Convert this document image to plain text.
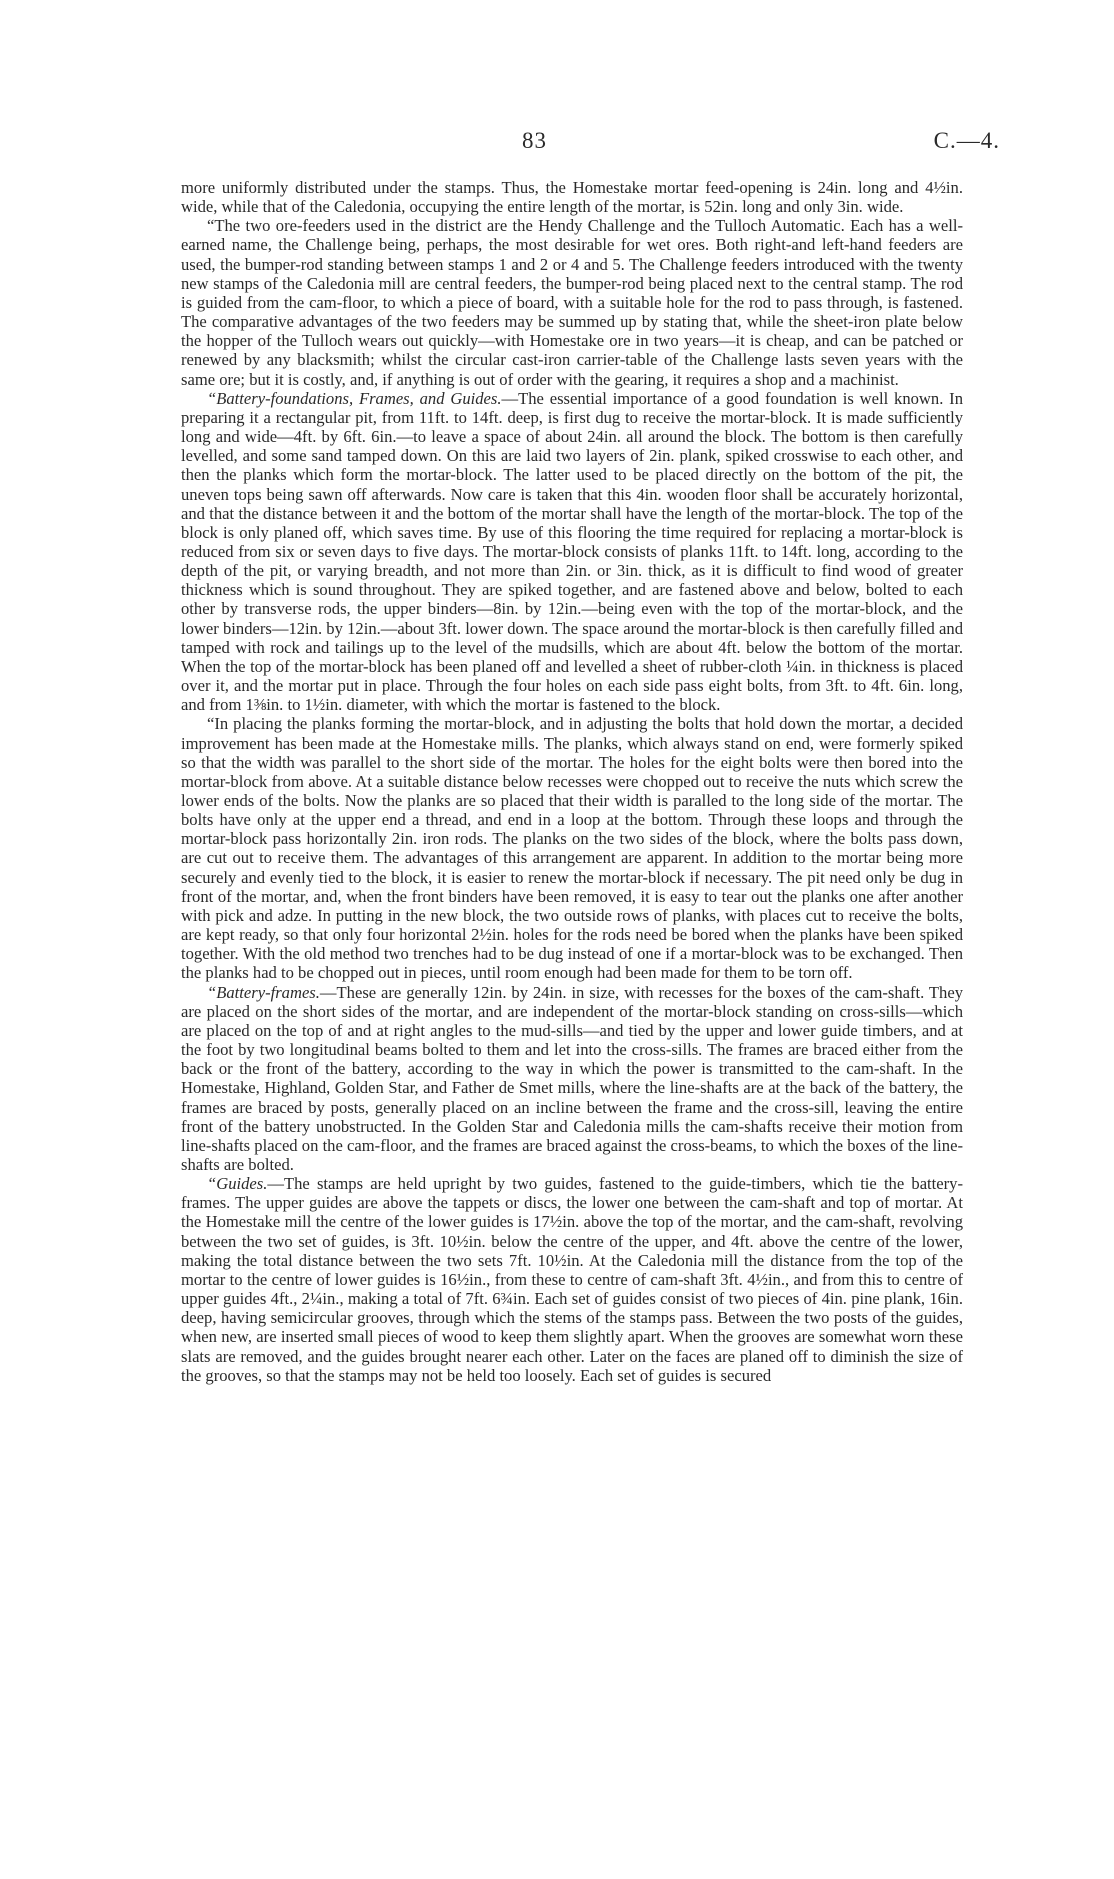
83	C.—4.

more uniformly distributed under the stamps. Thus, the Homestake mortar feed-opening is 24in. long and 4½in. wide, while that of the Caledonia, occupying the entire length of the mortar, is 52in. long and only 3in. wide.

“The two ore-feeders used in the district are the Hendy Challenge and the Tulloch Automatic. Each has a well-earned name, the Challenge being, perhaps, the most desirable for wet ores. Both right-and left-hand feeders are used, the bumper-rod standing between stamps 1 and 2 or 4 and 5. The Challenge feeders introduced with the twenty new stamps of the Caledonia mill are central feeders, the bumper-rod being placed next to the central stamp. The rod is guided from the cam-floor, to which a piece of board, with a suitable hole for the rod to pass through, is fastened. The comparative advantages of the two feeders may be summed up by stating that, while the sheet-iron plate below the hopper of the Tulloch wears out quickly—with Homestake ore in two years—it is cheap, and can be patched or renewed by any blacksmith; whilst the circular cast-iron carrier-table of the Challenge lasts seven years with the same ore; but it is costly, and, if anything is out of order with the gearing, it requires a shop and a machinist.

“Battery-foundations, Frames, and Guides.—The essential importance of a good foundation is well known. In preparing it a rectangular pit, from 11ft. to 14ft. deep, is first dug to receive the mortar-block. It is made sufficiently long and wide—4ft. by 6ft. 6in.—to leave a space of about 24in. all around the block. The bottom is then carefully levelled, and some sand tamped down. On this are laid two layers of 2in. plank, spiked crosswise to each other, and then the planks which form the mortar-block. The latter used to be placed directly on the bottom of the pit, the uneven tops being sawn off afterwards. Now care is taken that this 4in. wooden floor shall be accurately horizontal, and that the distance between it and the bottom of the mortar shall have the length of the mortar-block. The top of the block is only planed off, which saves time. By use of this flooring the time required for replacing a mortar-block is reduced from six or seven days to five days. The mortar-block consists of planks 11ft. to 14ft. long, according to the depth of the pit, or varying breadth, and not more than 2in. or 3in. thick, as it is difficult to find wood of greater thickness which is sound throughout. They are spiked together, and are fastened above and below, bolted to each other by transverse rods, the upper binders—8in. by 12in.—being even with the top of the mortar-block, and the lower binders—12in. by 12in.—about 3ft. lower down. The space around the mortar-block is then carefully filled and tamped with rock and tailings up to the level of the mudsills, which are about 4ft. below the bottom of the mortar. When the top of the mortar-block has been planed off and levelled a sheet of rubber-cloth ¼in. in thickness is placed over it, and the mortar put in place. Through the four holes on each side pass eight bolts, from 3ft. to 4ft. 6in. long, and from 1⅜in. to 1½in. diameter, with which the mortar is fastened to the block.

“In placing the planks forming the mortar-block, and in adjusting the bolts that hold down the mortar, a decided improvement has been made at the Homestake mills. The planks, which always stand on end, were formerly spiked so that the width was parallel to the short side of the mortar. The holes for the eight bolts were then bored into the mortar-block from above. At a suitable distance below recesses were chopped out to receive the nuts which screw the lower ends of the bolts. Now the planks are so placed that their width is paralled to the long side of the mortar. The bolts have only at the upper end a thread, and end in a loop at the bottom. Through these loops and through the mortar-block pass horizontally 2in. iron rods. The planks on the two sides of the block, where the bolts pass down, are cut out to receive them. The advantages of this arrangement are apparent. In addition to the mortar being more securely and evenly tied to the block, it is easier to renew the mortar-block if necessary. The pit need only be dug in front of the mortar, and, when the front binders have been removed, it is easy to tear out the planks one after another with pick and adze. In putting in the new block, the two outside rows of planks, with places cut to receive the bolts, are kept ready, so that only four horizontal 2½in. holes for the rods need be bored when the planks have been spiked together. With the old method two trenches had to be dug instead of one if a mortar-block was to be exchanged. Then the planks had to be chopped out in pieces, until room enough had been made for them to be torn off.

“Battery-frames.—These are generally 12in. by 24in. in size, with recesses for the boxes of the cam-shaft. They are placed on the short sides of the mortar, and are independent of the mortar-block standing on cross-sills—which are placed on the top of and at right angles to the mud-sills—and tied by the upper and lower guide timbers, and at the foot by two longitudinal beams bolted to them and let into the cross-sills. The frames are braced either from the back or the front of the battery, according to the way in which the power is transmitted to the cam-shaft. In the Homestake, Highland, Golden Star, and Father de Smet mills, where the line-shafts are at the back of the battery, the frames are braced by posts, generally placed on an incline between the frame and the cross-sill, leaving the entire front of the battery unobstructed. In the Golden Star and Caledonia mills the cam-shafts receive their motion from line-shafts placed on the cam-floor, and the frames are braced against the cross-beams, to which the boxes of the line-shafts are bolted.

“Guides.—The stamps are held upright by two guides, fastened to the guide-timbers, which tie the battery-frames. The upper guides are above the tappets or discs, the lower one between the cam-shaft and top of mortar. At the Homestake mill the centre of the lower guides is 17½in. above the top of the mortar, and the cam-shaft, revolving between the two set of guides, is 3ft. 10½in. below the centre of the upper, and 4ft. above the centre of the lower, making the total distance between the two sets 7ft. 10½in. At the Caledonia mill the distance from the top of the mortar to the centre of lower guides is 16½in., from these to centre of cam-shaft 3ft. 4½in., and from this to centre of upper guides 4ft., 2¼in., making a total of 7ft. 6¾in. Each set of guides consist of two pieces of 4in. pine plank, 16in. deep, having semicircular grooves, through which the stems of the stamps pass. Between the two posts of the guides, when new, are inserted small pieces of wood to keep them slightly apart. When the grooves are somewhat worn these slats are removed, and the guides brought nearer each other. Later on the faces are planed off to diminish the size of the grooves, so that the stamps may not be held too loosely. Each set of guides is secured
